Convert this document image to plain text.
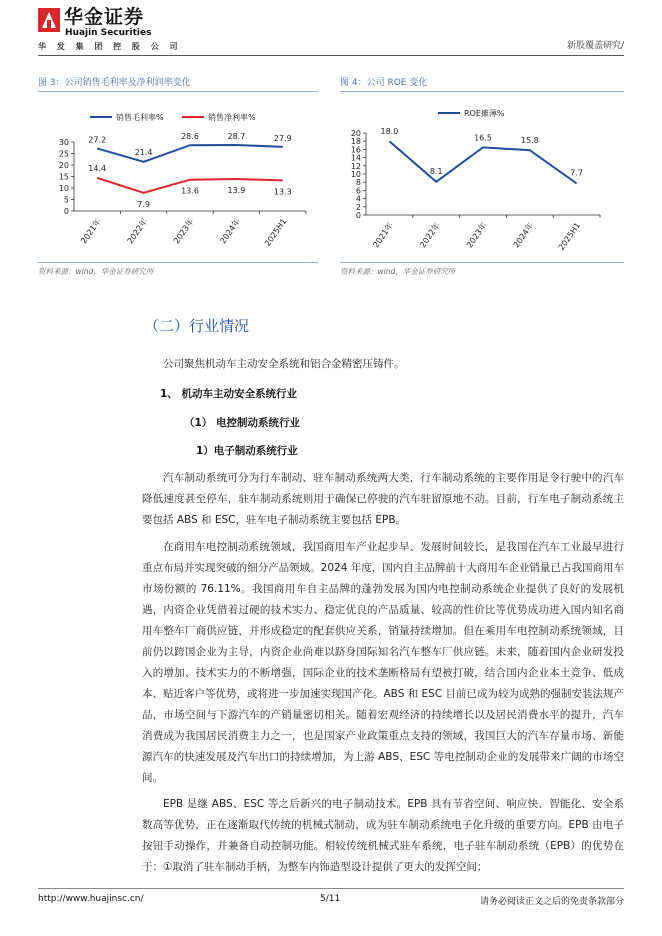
华金证券
Huajin Securities
华 发 集 团 控 股 公 司	新股覆盖研究/
图 3：公司销售毛利率及净利润率变化
0
5
10
15
20
25
30
2021年	2022年	2023年	2024年	2025H1
销售毛利率%	销售净利率%
27.2
21.4
28.6	28.7	27.9
14.4
7.9
13.6	13.9	13.3
资料来源：wind，华金证券研究所
图 4：公司 ROE 变化
0
2
4
6
8
10
12
14
16
18
20
2021年	2022年	2023年	2024年	2025H1
ROE摊薄%
18.0
8.1
16.5	15.8
7.7
资料来源：wind，华金证券研究所
（二）行业情况
公司聚焦机动车主动安全系统和铝合金精密压铸件。
1、 机动车主动安全系统行业
（1） 电控制动系统行业
1）电子制动系统行业
汽车制动系统可分为行车制动、驻车制动系统两大类，行车制动系统的主要作用是令行驶中的汽车降低速度甚至停车，驻车制动系统则用于确保已停驶的汽车驻留原地不动。目前，行车电子制动系统主要包括 ABS 和 ESC，驻车电子制动系统主要包括 EPB。
在商用车电控制动系统领域，我国商用车产业起步早、发展时间较长，是我国在汽车工业最早进行重点布局并实现突破的细分产品领域。2024 年度，国内自主品牌前十大商用车企业销量已占我国商用车市场份额的 76.11%。我国商用车自主品牌的蓬勃发展为国内电控制动系统企业提供了良好的发展机遇，内资企业凭借着过硬的技术实力、稳定优良的产品质量、较高的性价比等优势成功进入国内知名商用车整车厂商供应链，并形成稳定的配套供应关系，销量持续增加。但在乘用车电控制动系统领域，目前仍以跨国企业为主导，内资企业尚难以跻身国际知名汽车整车厂供应链。未来，随着国内企业研发投入的增加、技术实力的不断增强，国际企业的技术垄断格局有望被打破，结合国内企业本土竞争、低成本、贴近客户等优势，或将进一步加速实现国产化。ABS 和 ESC 目前已成为较为成熟的强制安装法规产品，市场空间与下游汽车的产销量密切相关。随着宏观经济的持续增长以及居民消费水平的提升，汽车消费成为我国居民消费主力之一，也是国家产业政策重点支持的领域，我国巨大的汽车存量市场、新能源汽车的快速发展及汽车出口的持续增加，为上游 ABS、ESC 等电控制动企业的发展带来广阔的市场空间。
EPB 是继 ABS、ESC 等之后新兴的电子制动技术。EPB 具有节省空间、响应快、智能化、安全系数高等优势，正在逐渐取代传统的机械式制动，成为驻车制动系统电子化升级的重要方向。EPB 由电子按钮手动操作，并兼备自动控制功能。相较传统机械式驻车系统，电子驻车制动系统（EPB）的优势在于：①取消了驻车制动手柄，为整车内饰造型设计提供了更大的发挥空间；
http://www.huajinsc.cn/	5/11	请务必阅读正文之后的免责条款部分
